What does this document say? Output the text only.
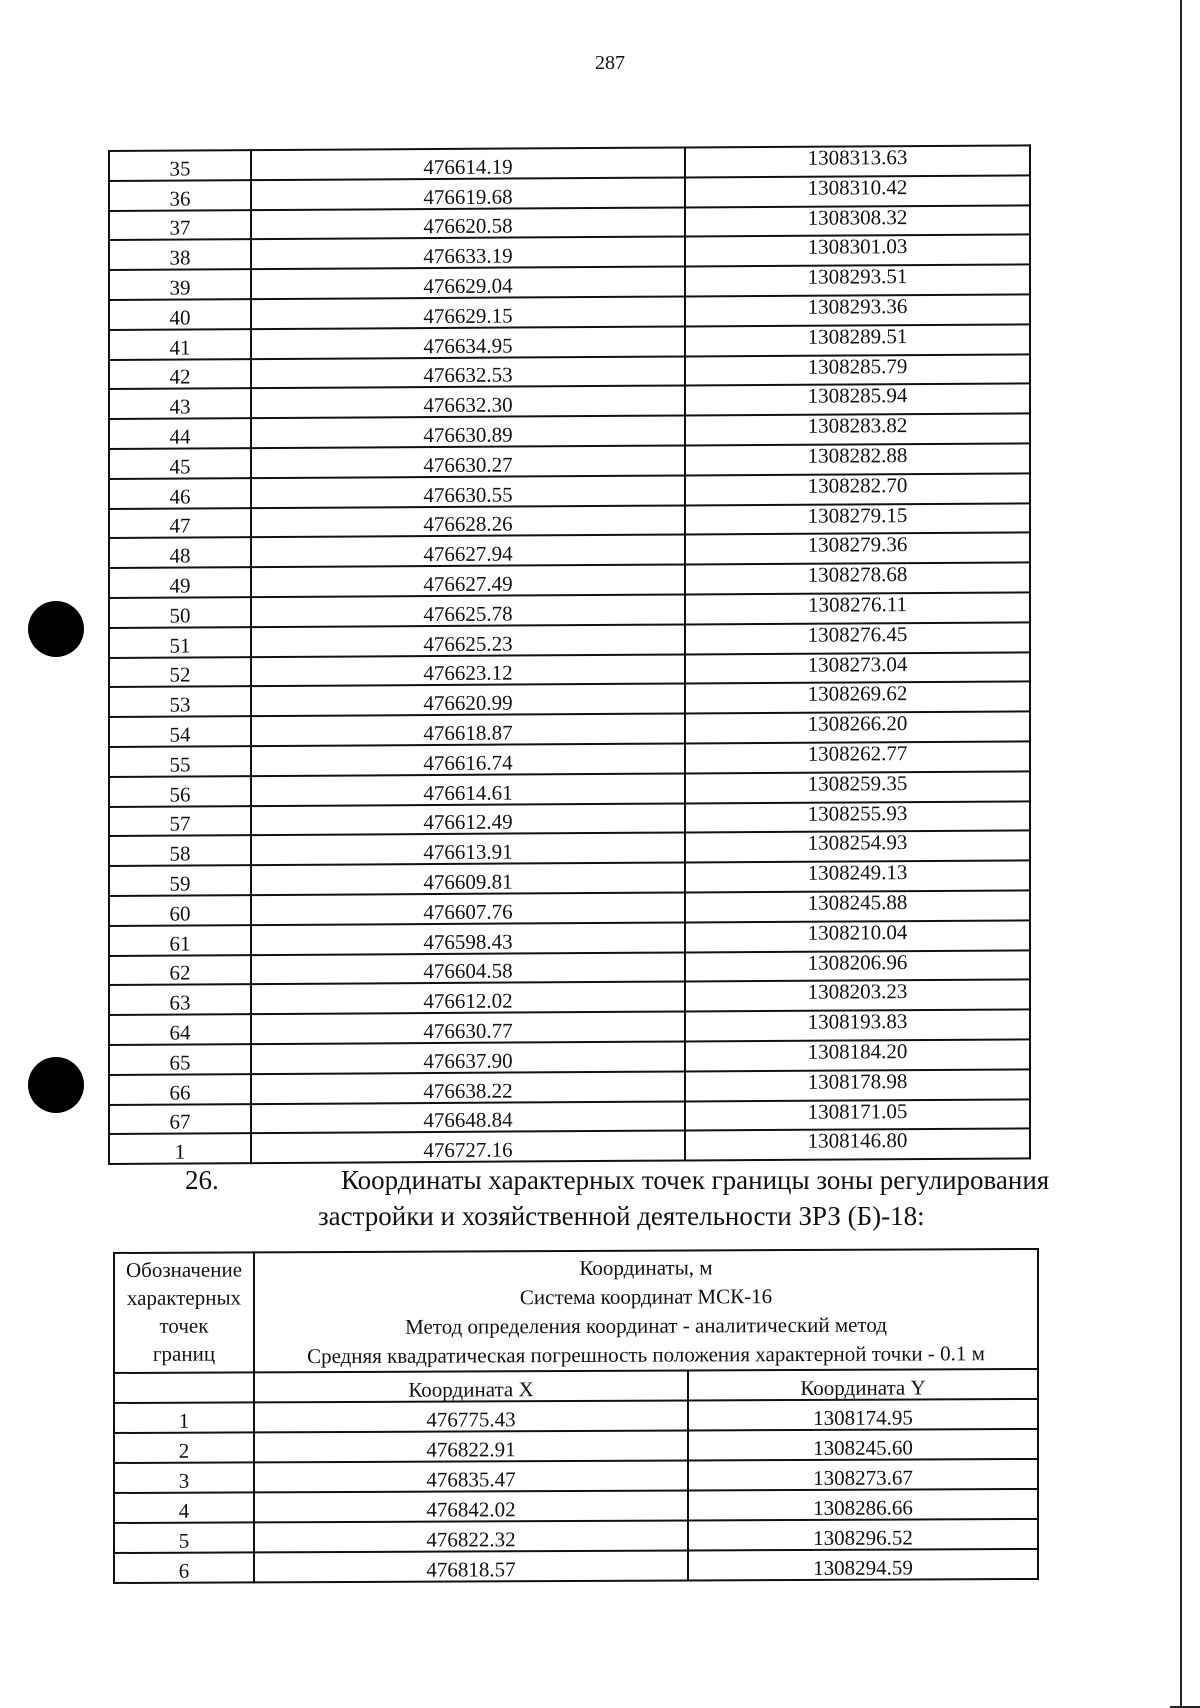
287
35	476614.19	1308313.63
36	476619.68	1308310.42
37	476620.58	1308308.32
38	476633.19	1308301.03
39	476629.04	1308293.51
40	476629.15	1308293.36
41	476634.95	1308289.51
42	476632.53	1308285.79
43	476632.30	1308285.94
44	476630.89	1308283.82
45	476630.27	1308282.88
46	476630.55	1308282.70
47	476628.26	1308279.15
48	476627.94	1308279.36
49	476627.49	1308278.68
50	476625.78	1308276.11
51	476625.23	1308276.45
52	476623.12	1308273.04
53	476620.99	1308269.62
54	476618.87	1308266.20
55	476616.74	1308262.77
56	476614.61	1308259.35
57	476612.49	1308255.93
58	476613.91	1308254.93
59	476609.81	1308249.13
60	476607.76	1308245.88
61	476598.43	1308210.04
62	476604.58	1308206.96
63	476612.02	1308203.23
64	476630.77	1308193.83
65	476637.90	1308184.20
66	476638.22	1308178.98
67	476648.84	1308171.05
1	476727.16	1308146.80
26.	Координаты характерных точек границы зоны регулирования
застройки и хозяйственной деятельности ЗРЗ (Б)-18:
Обозначение
характерных
точек
границ	Координаты, м
Система координат МСК-16
Метод определения координат - аналитический метод
Средняя квадратическая погрешность положения характерной точки - 0.1 м	

	Координата X	Координата Y
1	476775.43	1308174.95
2	476822.91	1308245.60
3	476835.47	1308273.67
4	476842.02	1308286.66
5	476822.32	1308296.52
6	476818.57	1308294.59
